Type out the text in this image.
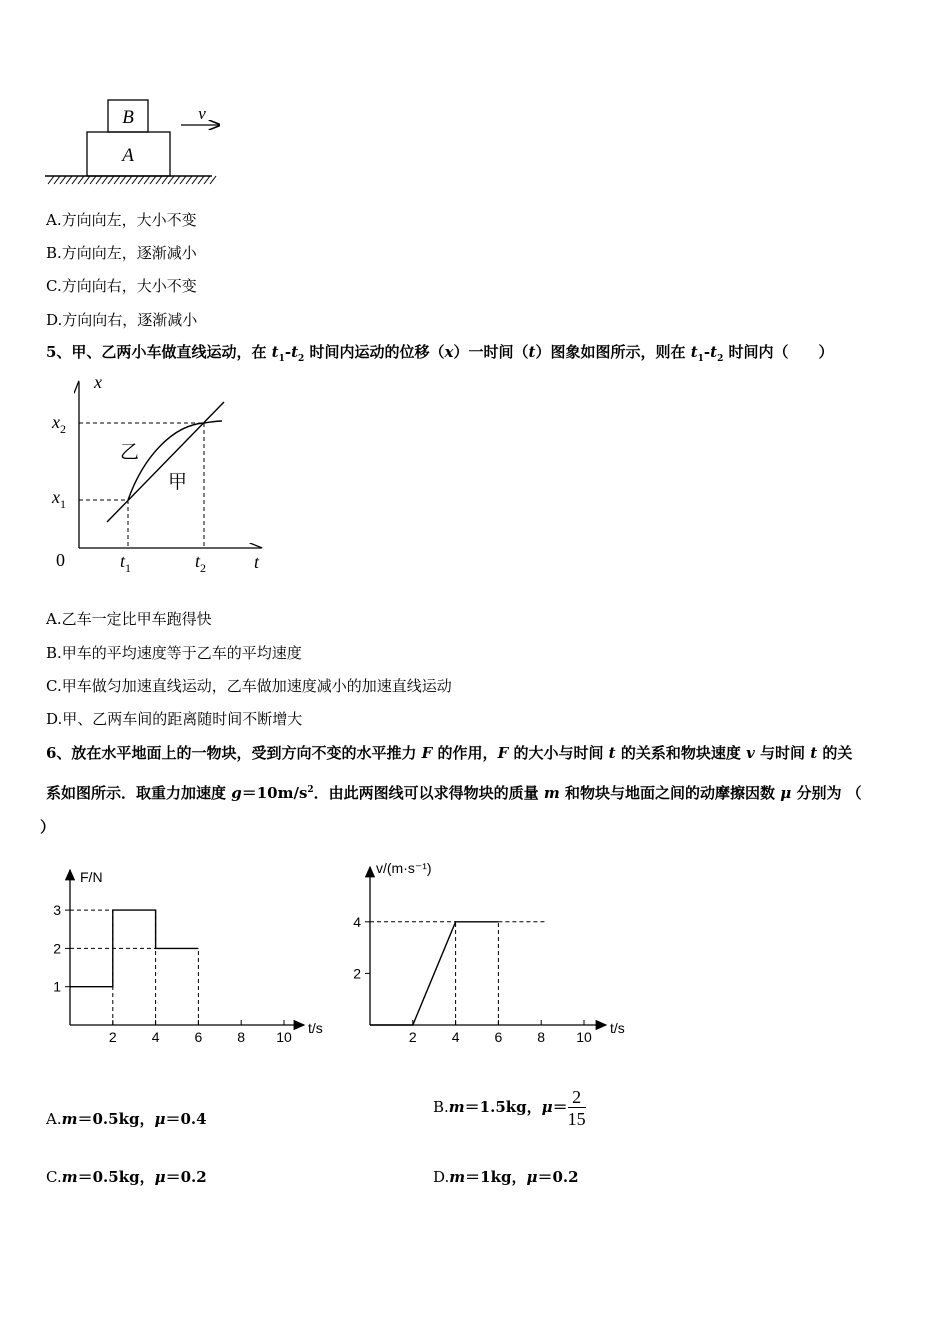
B
A
v
A.方向向左，大小不变
B.方向向左，逐渐减小
C.方向向右，大小不变
D.方向向右，逐渐减小
5、甲、乙两小车做直线运动，在 $t_1-t_2$ 时间内运动的位移（x）一时间（t）图象如图所示，则在 $t_1-t_2$ 时间内（　　）
x
t
0
$x_2$
$x_1$
$t_1$	$t_2$
乙
甲
A.乙车一定比甲车跑得快
B.甲车的平均速度等于乙车的平均速度
C.甲车做匀加速直线运动，乙车做加速度减小的加速直线运动
D.甲、乙两车间的距离随时间不断增大
6、放在水平地面上的一物块，受到方向不变的水平推力 F 的作用，F 的大小与时间 t 的关系和物块速度 v 与时间 t 的关
系如图所示．取重力加速度 $g=10m/s^2$．由此两图线可以求得物块的质量 m 和物块与地面之间的动摩擦因数 μ 分别为 （
）
F/N
t/s
2	4	6	8 10
1
2
3
v/(m·s⁻¹)
t/s
2	4	6	8 10
2
4
A.m＝0.5kg，μ＝0.4
B.m＝1.5kg，$\mu= \frac{2}{15}$
C.m＝0.5kg，μ＝0.2	D.m＝1kg，μ＝0.2
